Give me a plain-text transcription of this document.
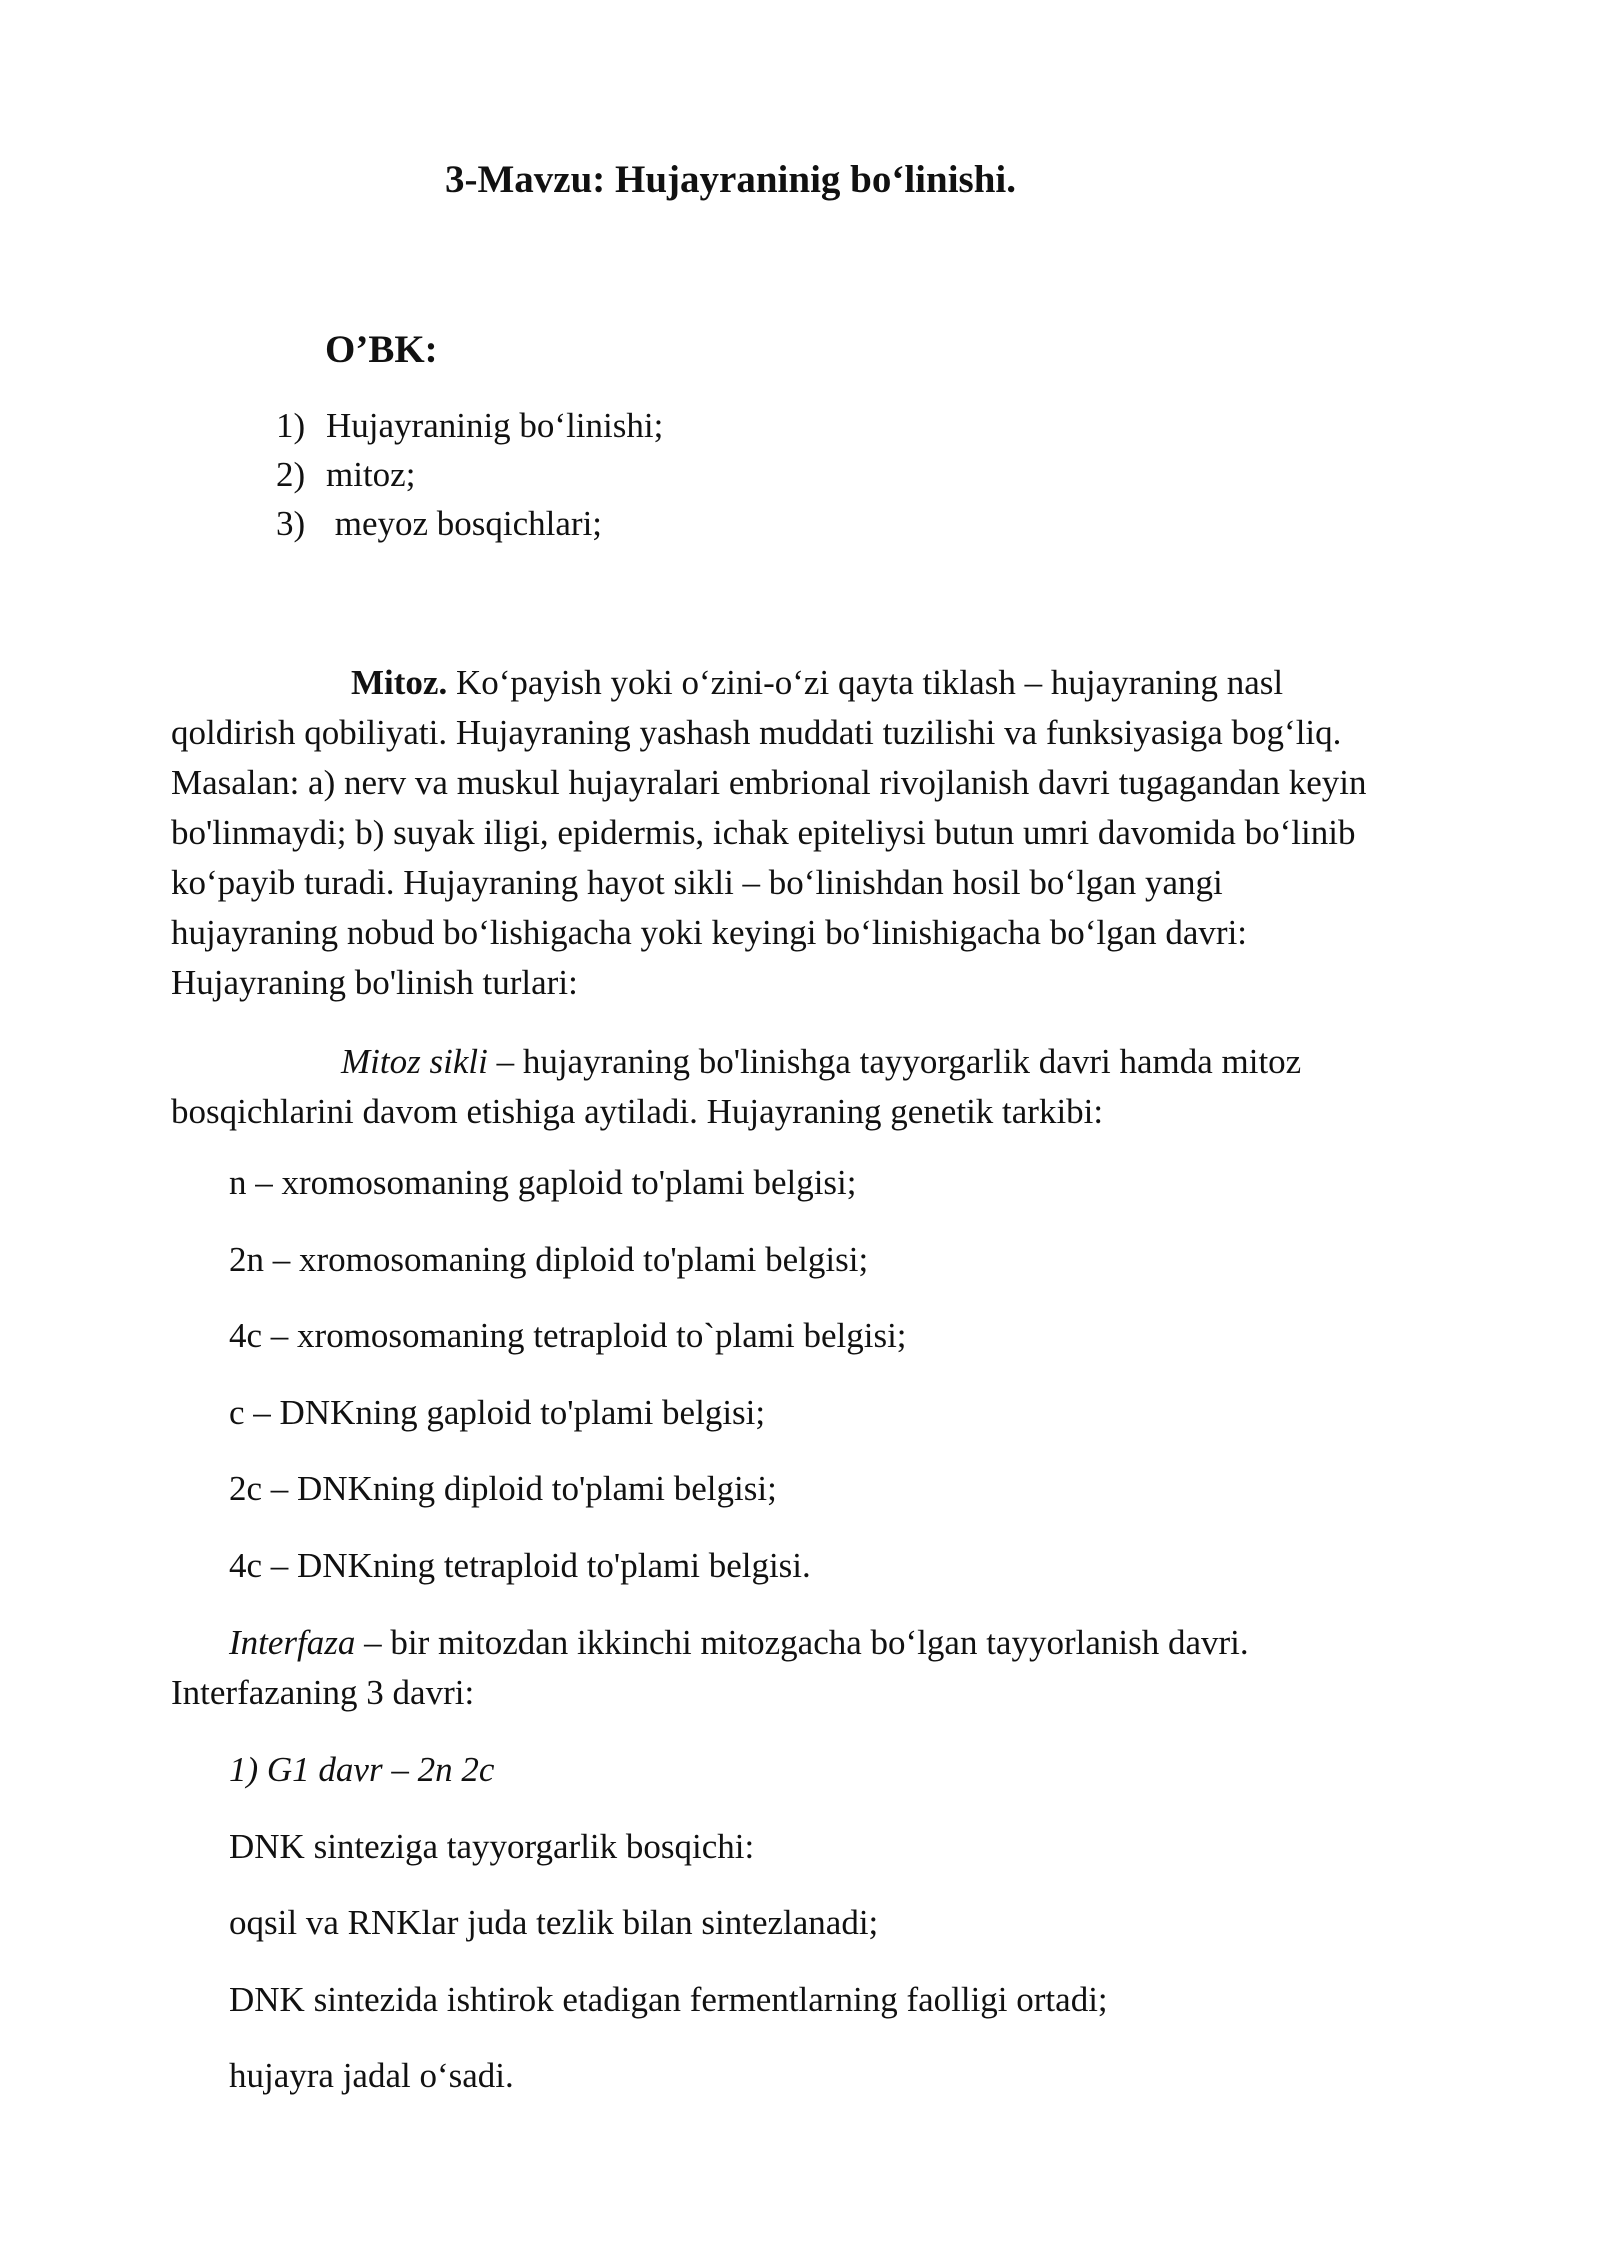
3-Mavzu: Hujayraninig bo‘linishi.
O’BK:
1) Hujayraninig bo‘linishi;
2) mitoz;
3) meyoz bosqichlari;
Mitoz. Ko‘payish yoki o‘zini-o‘zi qayta tiklash – hujayraning nasl
qoldirish qobiliyati. Hujayraning yashash muddati tuzilishi va funksiyasiga bog‘liq.
Masalan: a) nerv va muskul hujayralari embrional rivojlanish davri tugagandan keyin
bo'linmaydi; b) suyak iligi, epidermis, ichak epiteliysi butun umri davomida bo‘linib
ko‘payib turadi. Hujayraning hayot sikli – bo‘linishdan hosil bo‘lgan yangi
hujayraning nobud bo‘lishigacha yoki keyingi bo‘linishigacha bo‘lgan davri:
Hujayraning bo'linish turlari:
Mitoz sikli – hujayraning bo'linishga tayyorgarlik davri hamda mitoz
bosqichlarini davom etishiga aytiladi. Hujayraning genetik tarkibi:
n – xromosomaning gaploid to'plami belgisi;
2n – xromosomaning diploid to'plami belgisi;
4c – xromosomaning tetraploid to`plami belgisi;
c – DNKning gaploid to'plami belgisi;
2c – DNKning diploid to'plami belgisi;
4c – DNKning tetraploid to'plami belgisi.
Interfaza – bir mitozdan ikkinchi mitozgacha bo‘lgan tayyorlanish davri.
Interfazaning 3 davri:
1) G1 davr – 2n 2c
DNK sinteziga tayyorgarlik bosqichi:
oqsil va RNKlar juda tezlik bilan sintezlanadi;
DNK sintezida ishtirok etadigan fermentlarning faolligi ortadi;
hujayra jadal o‘sadi.
